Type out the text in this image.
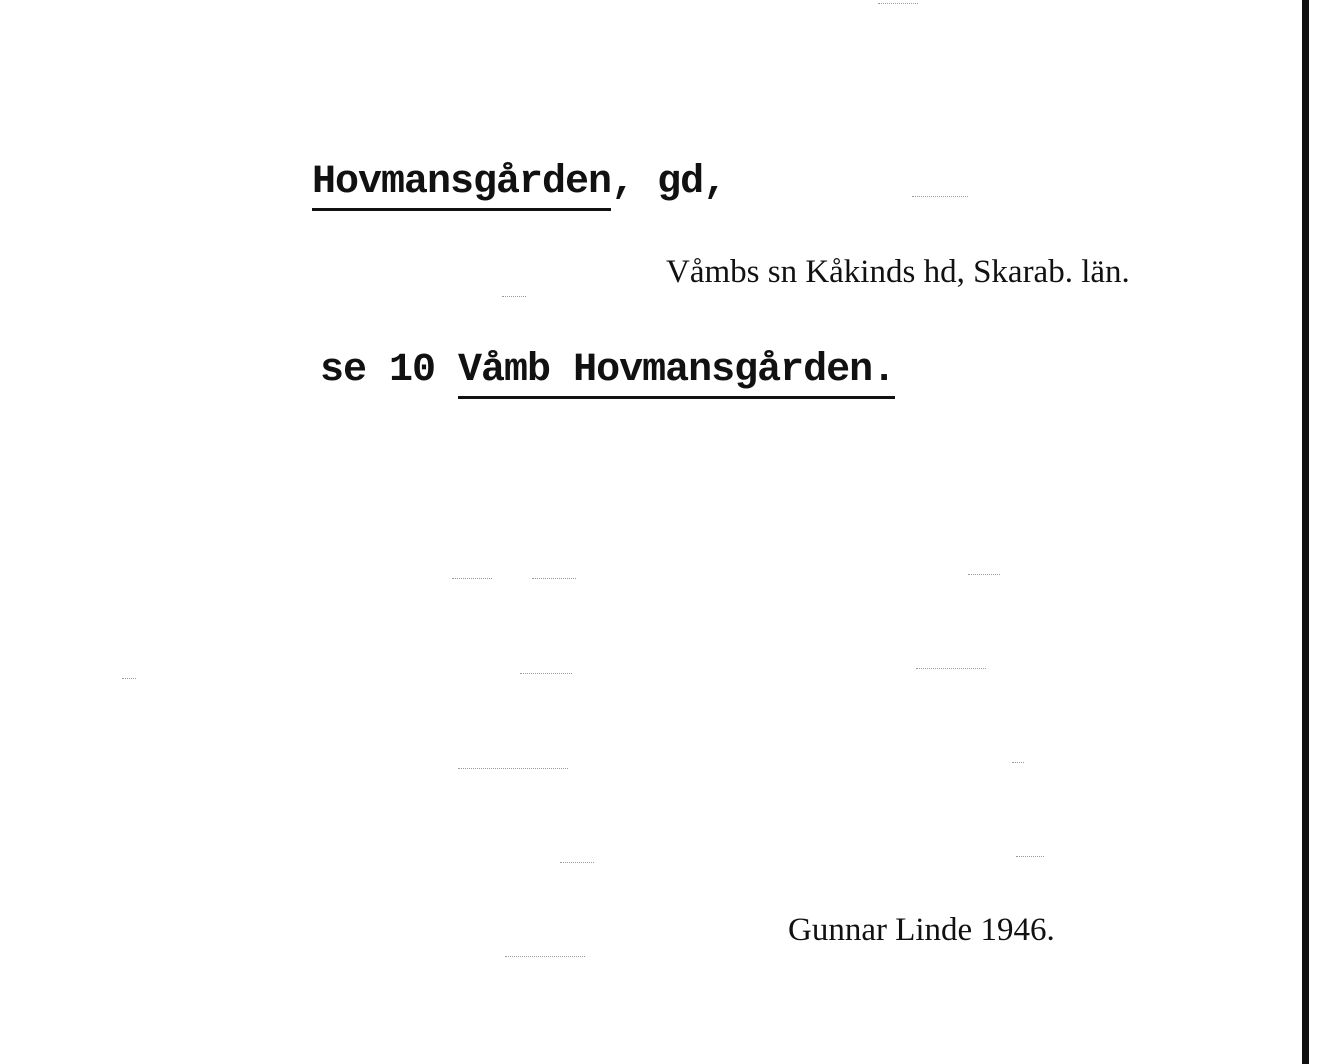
Hovmansgården, gd,
Våmbs sn Kåkinds hd, Skarab. län.
se 10 Våmb Hovmansgården.
Gunnar Linde 1946.
